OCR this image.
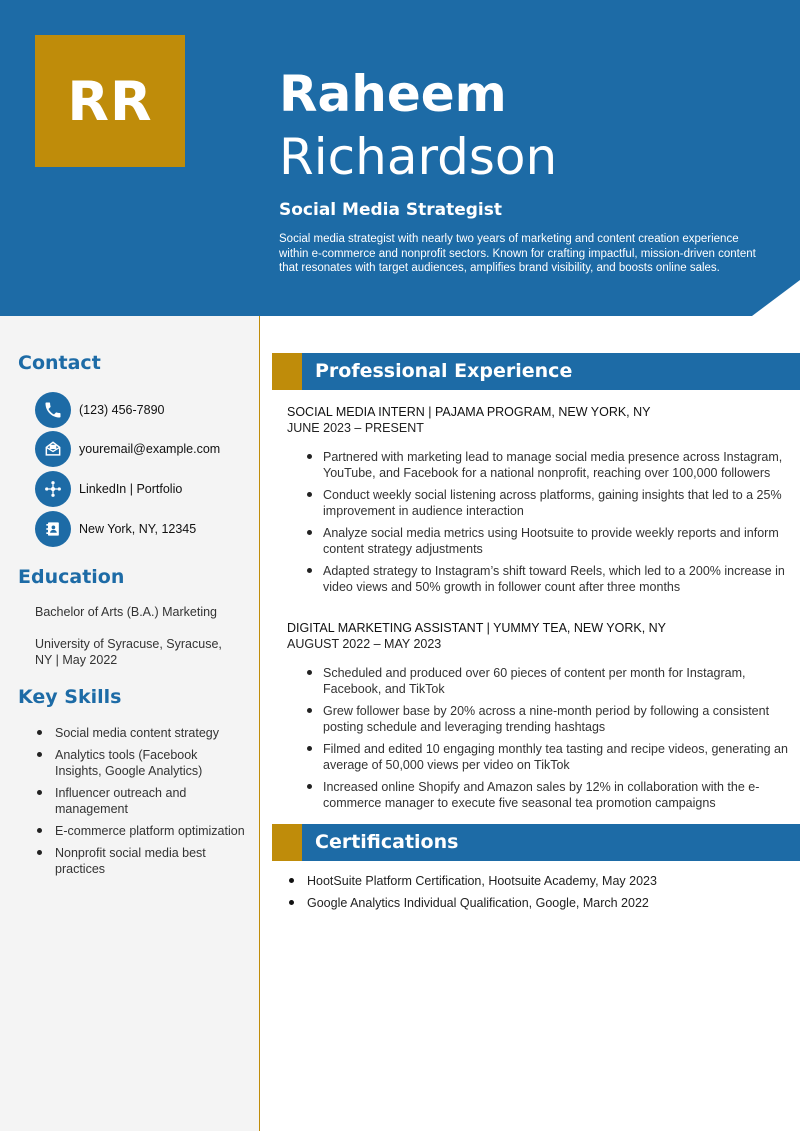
RR	Raheem
Richardson
Social Media Strategist
Social media strategist with nearly two years of marketing and content creation experience within e-commerce and nonprofit sectors. Known for crafting impactful, mission-driven content that resonates with target audiences, amplifies brand visibility, and boosts online sales.
Contact
(123) 456-7890
youremail@example.com
LinkedIn | Portfolio
New York, NY, 12345
Education
Bachelor of Arts (B.A.) Marketing
University of Syracuse, Syracuse, NY | May 2022
Key Skills
Social media content strategy
Analytics tools (Facebook Insights, Google Analytics)
Influencer outreach and management
E-commerce platform optimization
Nonprofit social media best practices
Professional Experience
SOCIAL MEDIA INTERN | PAJAMA PROGRAM, NEW YORK, NY
JUNE 2023 – PRESENT
Partnered with marketing lead to manage social media presence across Instagram, YouTube, and Facebook for a national nonprofit, reaching over 100,000 followers
Conduct weekly social listening across platforms, gaining insights that led to a 25% improvement in audience interaction
Analyze social media metrics using Hootsuite to provide weekly reports and inform content strategy adjustments
Adapted strategy to Instagram’s shift toward Reels, which led to a 200% increase in video views and 50% growth in follower count after three months
DIGITAL MARKETING ASSISTANT | YUMMY TEA, NEW YORK, NY
AUGUST 2022 – MAY 2023
Scheduled and produced over 60 pieces of content per month for Instagram, Facebook, and TikTok
Grew follower base by 20% across a nine-month period by following a consistent posting schedule and leveraging trending hashtags
Filmed and edited 10 engaging monthly tea tasting and recipe videos, generating an average of 50,000 views per video on TikTok
Increased online Shopify and Amazon sales by 12% in collaboration with the e-commerce manager to execute five seasonal tea promotion campaigns
Certifications
HootSuite Platform Certification, Hootsuite Academy, May 2023
Google Analytics Individual Qualification, Google, March 2022
